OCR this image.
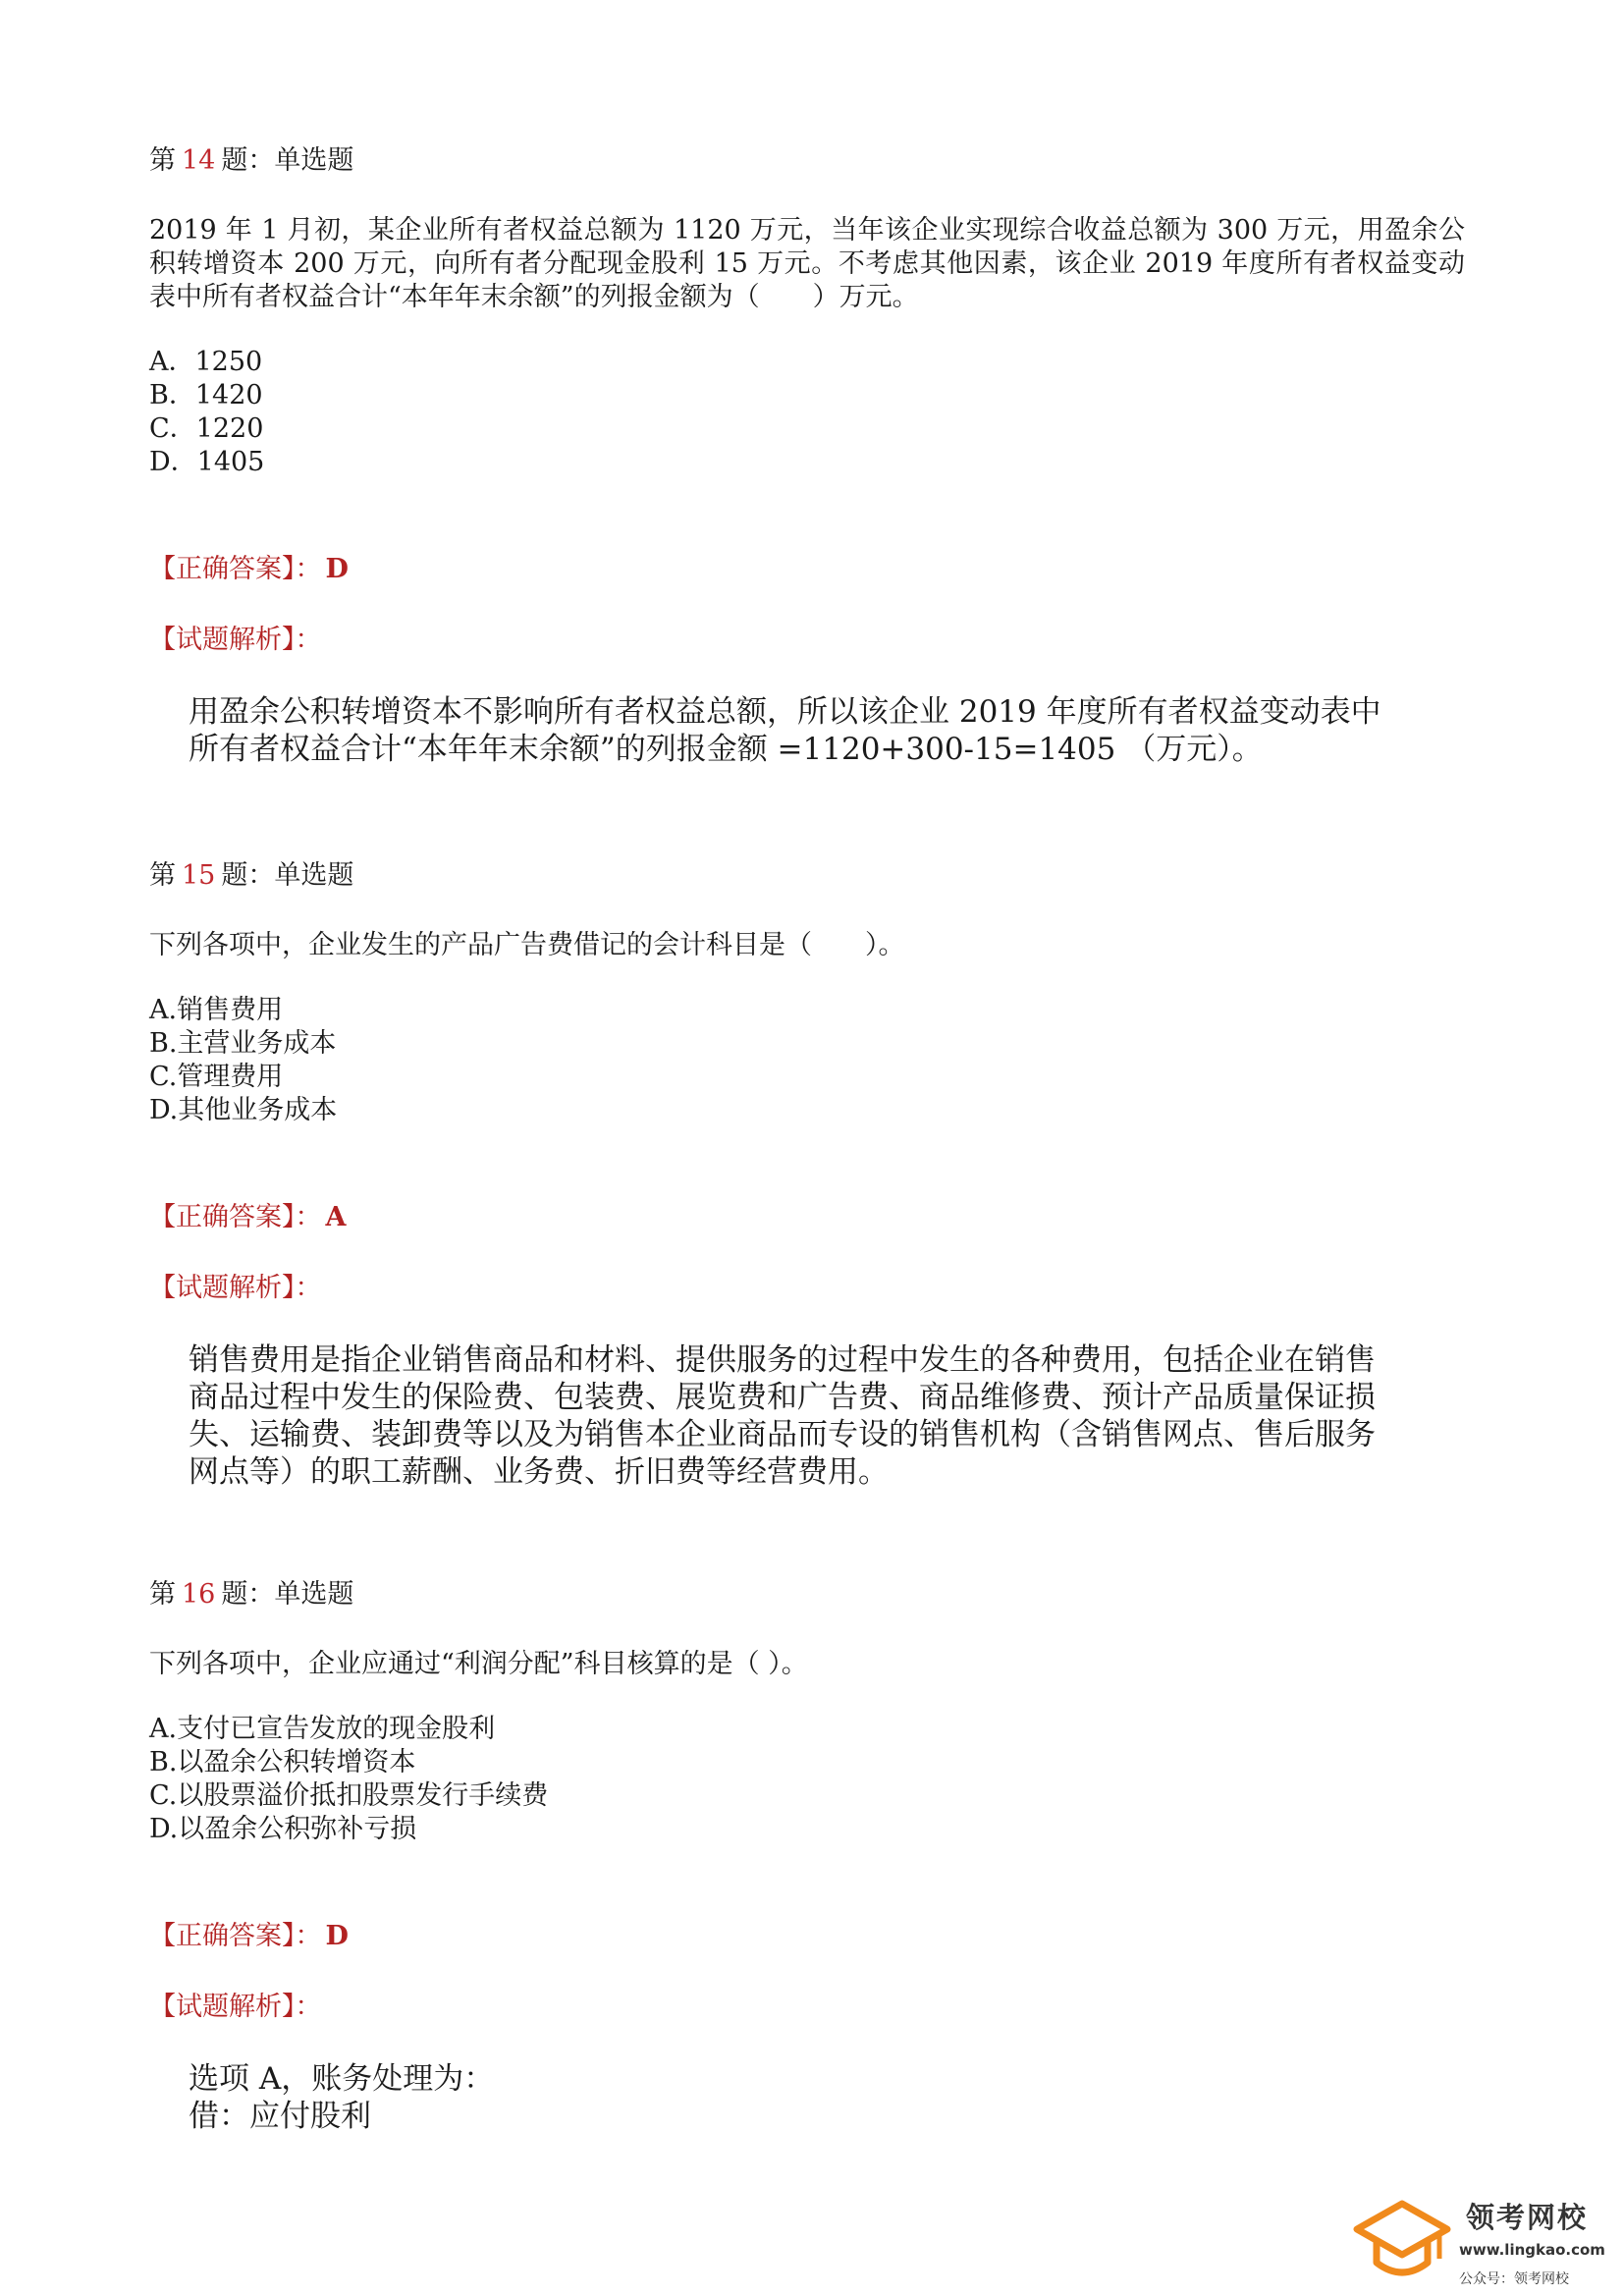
第 14 题：单选题
2019 年 1 月初，某企业所有者权益总额为 1120 万元，当年该企业实现综合收益总额为 300 万元，用盈余公积转增资本 200 万元，向所有者分配现金股利 15 万元。不考虑其他因素，该企业 2019 年度所有者权益变动表中所有者权益合计“本年年末余额”的列报金额为（　　）万元。
A．1250
B．1420
C．1220
D．1405
【正确答案】： D
【试题解析】：
用盈余公积转增资本不影响所有者权益总额，所以该企业 2019 年度所有者权益变动表中
所有者权益合计“本年年末余额”的列报金额 =1120+300-15=1405 （万元）。
第 15 题：单选题
下列各项中，企业发生的产品广告费借记的会计科目是（　　）。
A.销售费用
B.主营业务成本
C.管理费用
D.其他业务成本
【正确答案】： A
【试题解析】：
销售费用是指企业销售商品和材料、提供服务的过程中发生的各种费用，包括企业在销售
商品过程中发生的保险费、包装费、展览费和广告费、商品维修费、预计产品质量保证损
失、运输费、装卸费等以及为销售本企业商品而专设的销售机构（含销售网点、售后服务
网点等）的职工薪酬、业务费、折旧费等经营费用。
第 16 题：单选题
下列各项中，企业应通过“利润分配”科目核算的是（ ）。
A.支付已宣告发放的现金股利
B.以盈余公积转增资本
C.以股票溢价抵扣股票发行手续费
D.以盈余公积弥补亏损
【正确答案】： D
【试题解析】：
选项 A，账务处理为：
借：应付股利
领考网校
www.lingkao.com
公众号：领考网校
